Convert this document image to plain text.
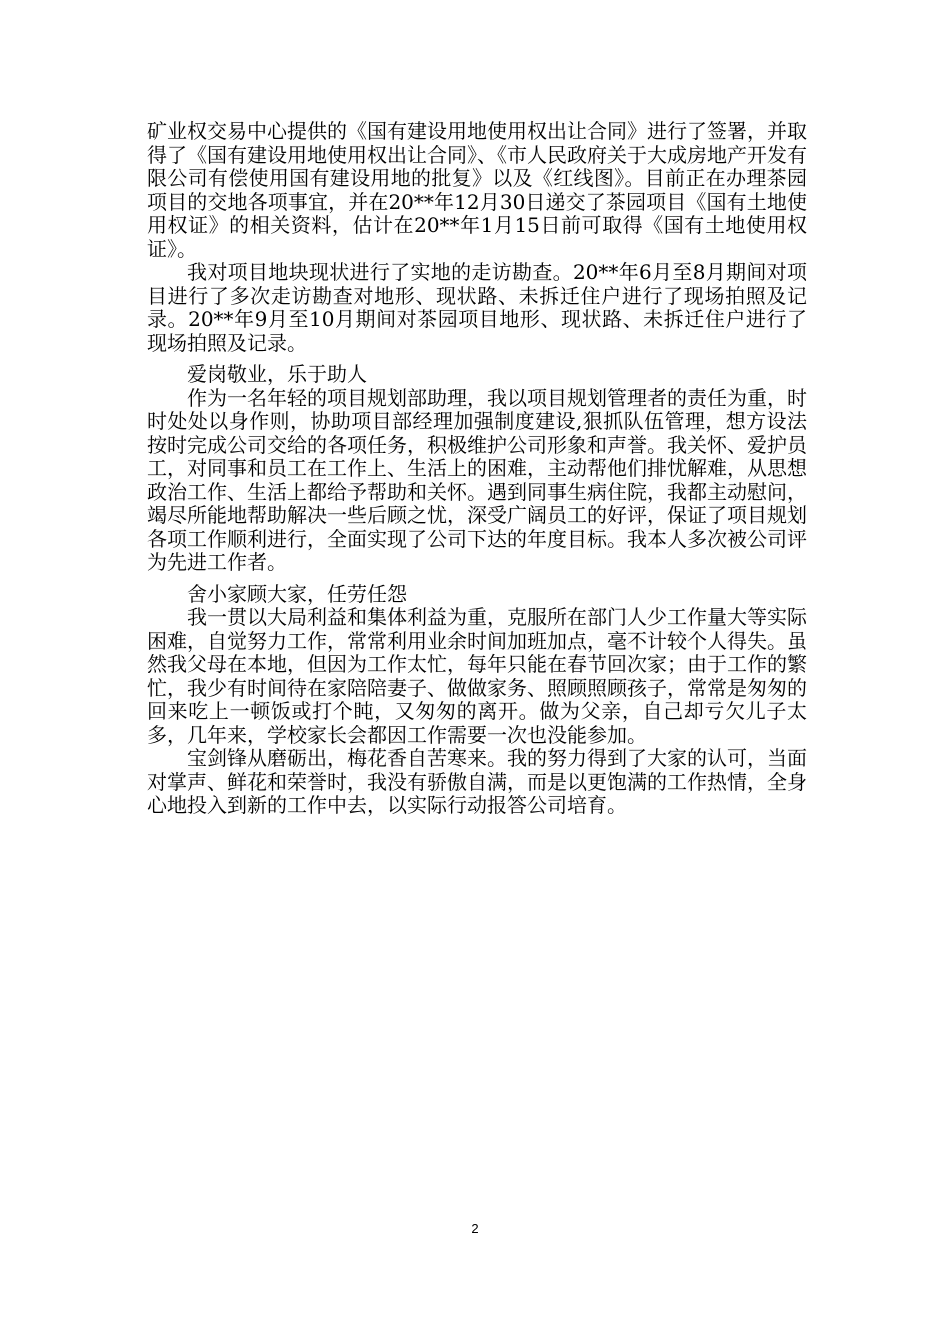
矿业权交易中心提供的《国有建设用地使用权出让合同》进行了签署，并取得了《国有建设用地使用权出让合同》、《市人民政府关于大成房地产开发有限公司有偿使用国有建设用地的批复》以及《红线图》。目前正在办理茶园项目的交地各项事宜，并在20**年12月30日递交了茶园项目《国有土地使用权证》的相关资料，估计在20**年1月15日前可取得《国有土地使用权证》。

我对项目地块现状进行了实地的走访勘查。20**年6月至8月期间对项目进行了多次走访勘查对地形、现状路、未拆迁住户进行了现场拍照及记录。20**年9月至10月期间对茶园项目地形、现状路、未拆迁住户进行了现场拍照及记录。

爱岗敬业，乐于助人

作为一名年轻的项目规划部助理，我以项目规划管理者的责任为重，时时处处以身作则，协助项目部经理加强制度建设,狠抓队伍管理，想方设法按时完成公司交给的各项任务，积极维护公司形象和声誉。我关怀、爱护员工，对同事和员工在工作上、生活上的困难，主动帮他们排忧解难，从思想政治工作、生活上都给予帮助和关怀。遇到同事生病住院，我都主动慰问，竭尽所能地帮助解决一些后顾之忧，深受广阔员工的好评，保证了项目规划各项工作顺利进行，全面实现了公司下达的年度目标。我本人多次被公司评为先进工作者。

舍小家顾大家，任劳任怨

我一贯以大局利益和集体利益为重，克服所在部门人少工作量大等实际困难，自觉努力工作，常常利用业余时间加班加点，毫不计较个人得失。虽然我父母在本地，但因为工作太忙，每年只能在春节回次家；由于工作的繁忙，我少有时间待在家陪陪妻子、做做家务、照顾照顾孩子，常常是匆匆的回来吃上一顿饭或打个盹，又匆匆的离开。做为父亲，自己却亏欠儿子太多，几年来，学校家长会都因工作需要一次也没能参加。

宝剑锋从磨砺出，梅花香自苦寒来。我的努力得到了大家的认可，当面对掌声、鲜花和荣誉时，我没有骄傲自满，而是以更饱满的工作热情，全身心地投入到新的工作中去，以实际行动报答公司培育。

2
